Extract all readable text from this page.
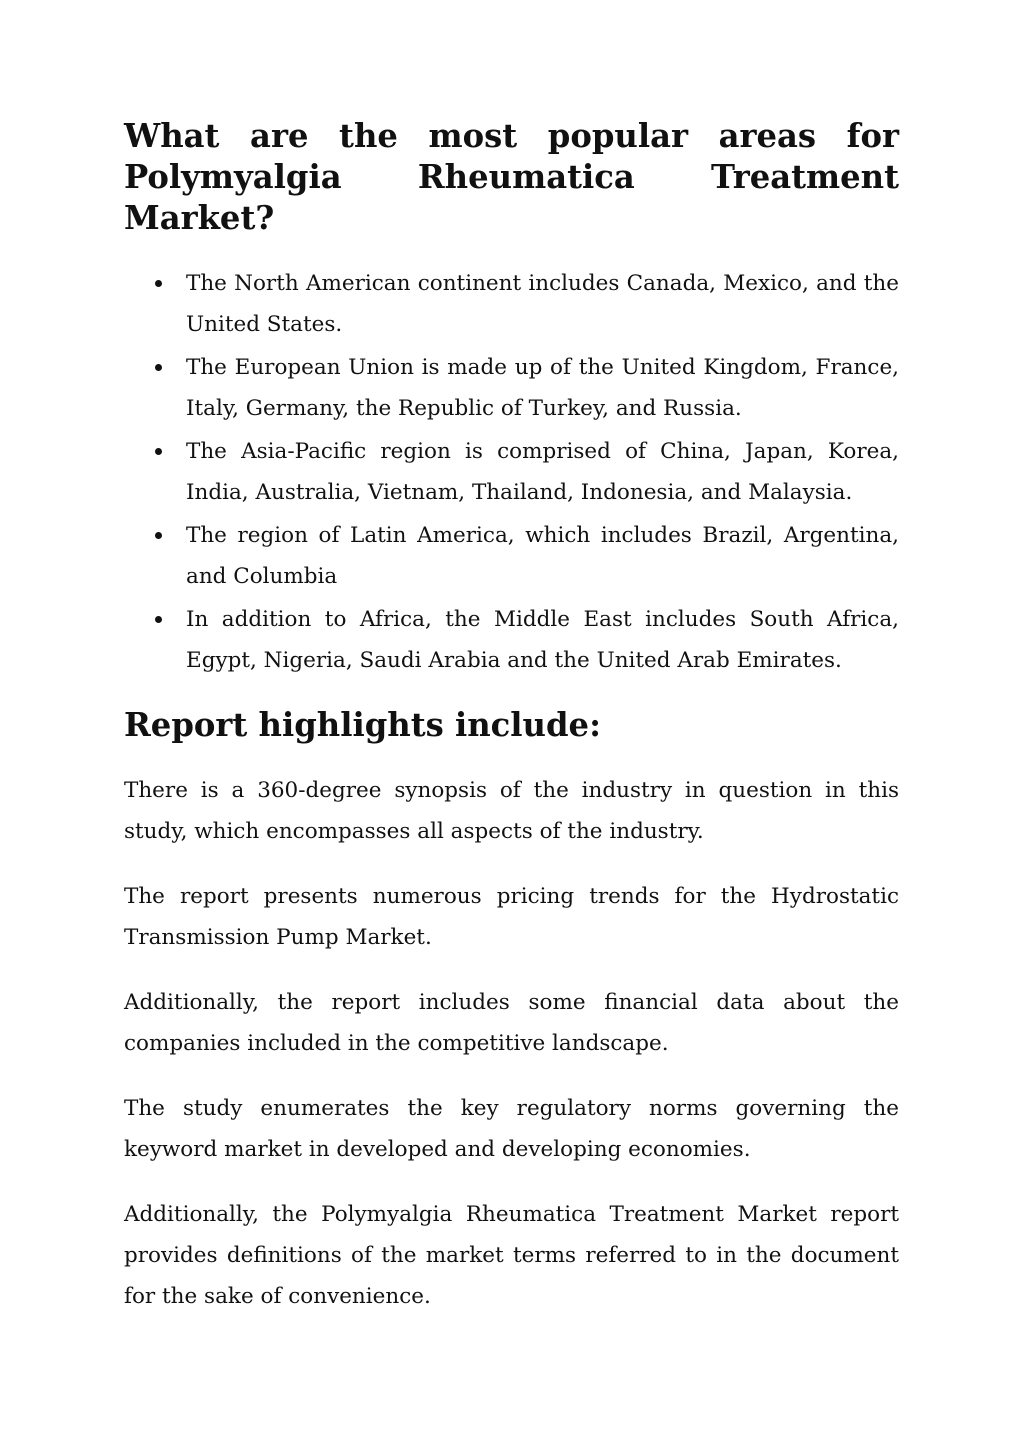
What are the most popular areas for Polymyalgia Rheumatica Treatment Market?
The North American continent includes Canada, Mexico, and the United States.
The European Union is made up of the United Kingdom, France, Italy, Germany, the Republic of Turkey, and Russia.
The Asia-Pacific region is comprised of China, Japan, Korea, India, Australia, Vietnam, Thailand, Indonesia, and Malaysia.
The region of Latin America, which includes Brazil, Argentina, and Columbia
In addition to Africa, the Middle East includes South Africa, Egypt, Nigeria, Saudi Arabia and the United Arab Emirates.
Report highlights include:

There is a 360-degree synopsis of the industry in question in this study, which encompasses all aspects of the industry.

The report presents numerous pricing trends for the Hydrostatic Transmission Pump Market.

Additionally, the report includes some financial data about the companies included in the competitive landscape.

The study enumerates the key regulatory norms governing the keyword market in developed and developing economies.

Additionally, the Polymyalgia Rheumatica Treatment Market report provides definitions of the market terms referred to in the document for the sake of convenience.
